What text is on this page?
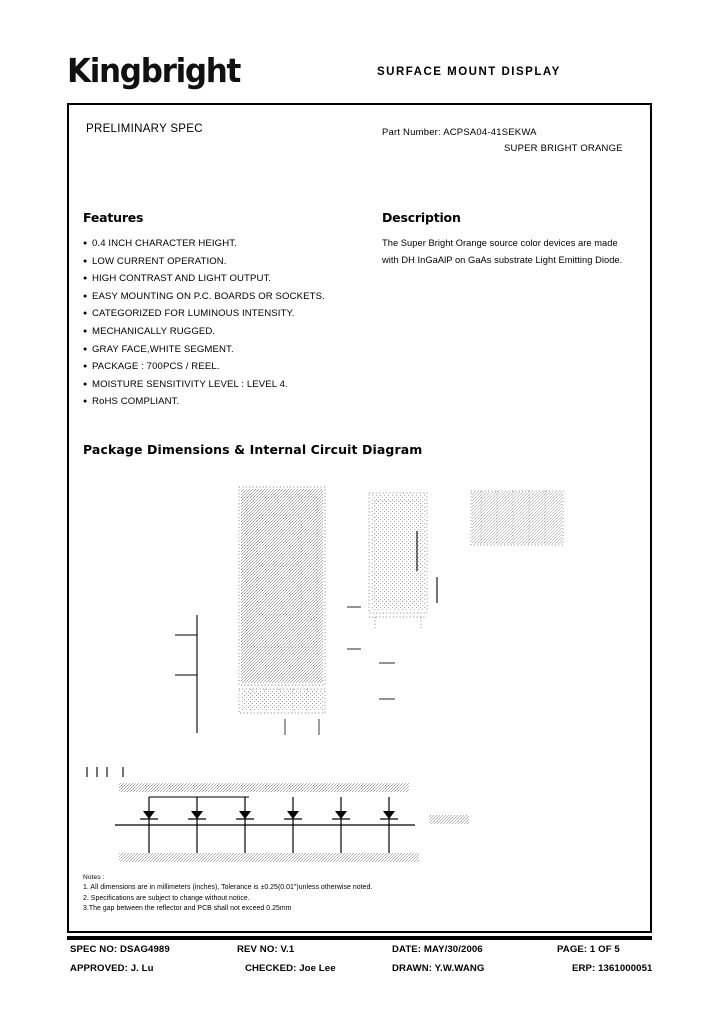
Kingbright	SURFACE MOUNT DISPLAY
PRELIMINARY SPEC	Part Number: ACPSA04-41SEKWA
SUPER BRIGHT ORANGE
Features
● 0.4 INCH CHARACTER HEIGHT.
● LOW CURRENT OPERATION.
● HIGH CONTRAST AND LIGHT OUTPUT.
● EASY MOUNTING ON P.C. BOARDS OR SOCKETS.
● CATEGORIZED FOR LUMINOUS INTENSITY.
● MECHANICALLY RUGGED.
● GRAY FACE,WHITE SEGMENT.
● PACKAGE : 700PCS / REEL.
● MOISTURE SENSITIVITY LEVEL : LEVEL 4.
● RoHS COMPLIANT.
Description
The Super Bright Orange source color devices are made
with DH InGaAlP on GaAs substrate Light Emitting Diode.
Package Dimensions & Internal Circuit Diagram
Notes :
1. All dimensions are in millimeters (inches), Tolerance is ±0.25(0.01")unless otherwise noted.
2. Specifications are subject to change without notice.
3.The gap between the reflector and PCB shall not exceed 0.25mm
SPEC NO: DSAG4989	REV NO: V.1	DATE: MAY/30/2006	PAGE: 1 OF 5
APPROVED: J. Lu	CHECKED: Joe Lee	DRAWN: Y.W.WANG	ERP: 1361000051
